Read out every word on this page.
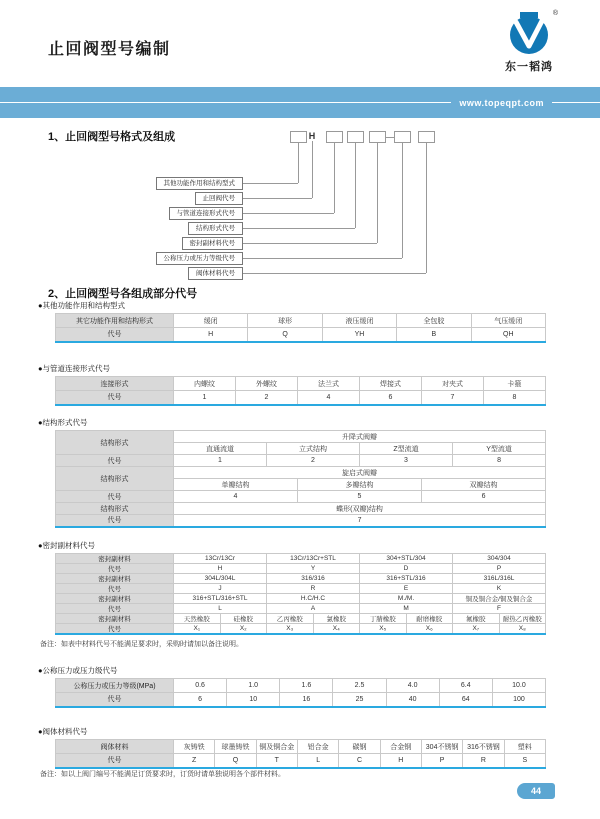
止回阀型号编制
®
东一韬鸿
www.topeqpt.com
1、止回阀型号格式及组成	H
其他功能作用和结构型式
止回阀代号
与管道连接形式代号
结构形式代号
密封副材料代号
公称压力或压力等级代号
阀体材料代号
2、止回阀型号各组成部分代号
●其他功能作用和结构型式
其它功能作用和结构形式	缓闭	球形	液压缓闭	全包胶	气压缓闭
代号	H	Q	YH	B	QH
●与管道连接形式代号
连接形式	内螺纹	外螺纹	法兰式	焊接式	对夹式	卡箍
代号	1	2	4	6	7	8
●结构形式代号
结构形式	升降式阀瓣					
	直通流道	立式结构		Z型流道		Y型流道
代号	1	2		3		8
结构形式	旋启式阀瓣					
	单瓣结构		多瓣结构		双瓣结构	
代号	4		5		6	
结构形式	蝶形(双瓣)结构					
代号	7					
●密封副材料代号
密封副材料	13Cr/13Cr		13Cr/13Cr+STL		304+STL/304		304/304	
代号	H		Y		D		P	
密封副材料	304L/304L		316/316		316+STL/316		316L/316L	
代号	J		R		E		K	
密封副材料	316+STL/316+STL		H.C/H.C		M./M.		铜及铜合金/铜及铜合金	
代号	L		A		M		F	
密封副材料	天然橡胶	硅橡胶	乙丙橡胶	氯橡胶	丁腈橡胶	耐磨橡胶	氟橡胶	耐热乙丙橡胶
代号	X₁	X₂	X₃	X₄	X₅	X₆	X₇	X₈
备注：如表中材料代号不能满足要求时，采购时请加以备注说明。
●公称压力或压力级代号
公称压力或压力等级(MPa)	0.6	1.0	1.6	2.5	4.0	6.4	10.0
代号	6	10	16	25	40	64	100
●阀体材料代号
阀体材料	灰铸铁	球墨铸铁	铜及铜合金	铝合金	碳钢	合金钢	304不锈钢	316不锈钢	塑料
代号	Z	Q	T	L	C	H	P	R	S
备注：如以上阀门编号不能满足订货要求时，订货时请单独说明各个部件材料。
44
